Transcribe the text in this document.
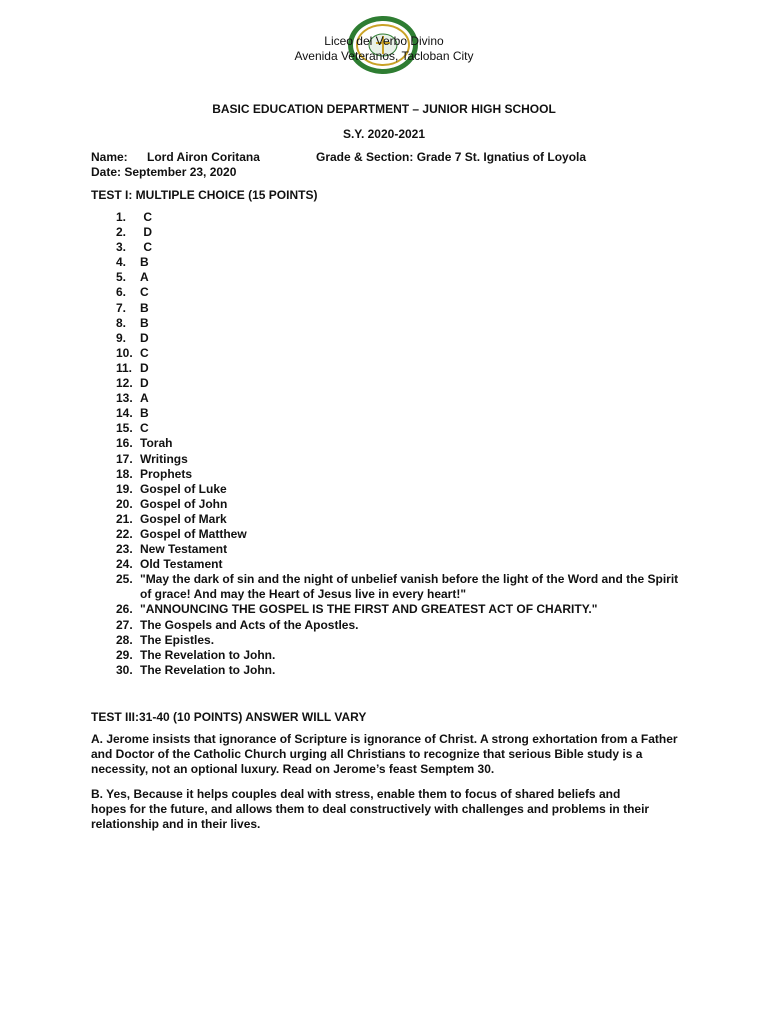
Liceo del Verbo Divino
Avenida Veteranos, Tacloban City
BASIC EDUCATION DEPARTMENT – JUNIOR HIGH SCHOOL
S.Y. 2020-2021
Name: Lord Airon Coritana	Grade & Section: Grade 7 St. Ignatius of Loyola
Date: September 23, 2020
TEST I: MULTIPLE CHOICE (15 POINTS)
1.	C
2.	D
3.	C
4.	B
5.	A
6.	C
7.	B
8.	B
9.	D
10. C
11. D
12. D
13. A
14. B
15. C
16. Torah
17. Writings
18. Prophets
19. Gospel of Luke
20. Gospel of John
21. Gospel of Mark
22. Gospel of Matthew
23. New Testament
24. Old Testament
25. "May the dark of sin and the night of unbelief vanish before the light of the Word and the Spirit of grace! And may the Heart of Jesus live in every heart!"
26. "ANNOUNCING THE GOSPEL IS THE FIRST AND GREATEST ACT OF CHARITY."
27. The Gospels and Acts of the Apostles.
28. The Epistles.
29. The Revelation to John.
30. The Revelation to John.
TEST III:31-40 (10 POINTS) ANSWER WILL VARY
A. Jerome insists that ignorance of Scripture is ignorance of Christ. A strong exhortation from a Father and Doctor of the Catholic Church urging all Christians to recognize that serious Bible study is a necessity, not an optional luxury. Read on Jerome’s feast Semptem 30.
B. Yes, Because it helps couples deal with stress, enable them to focus of shared beliefs and           hopes for the future, and allows them to deal constructively with challenges and problems in their relationship and in their lives.
